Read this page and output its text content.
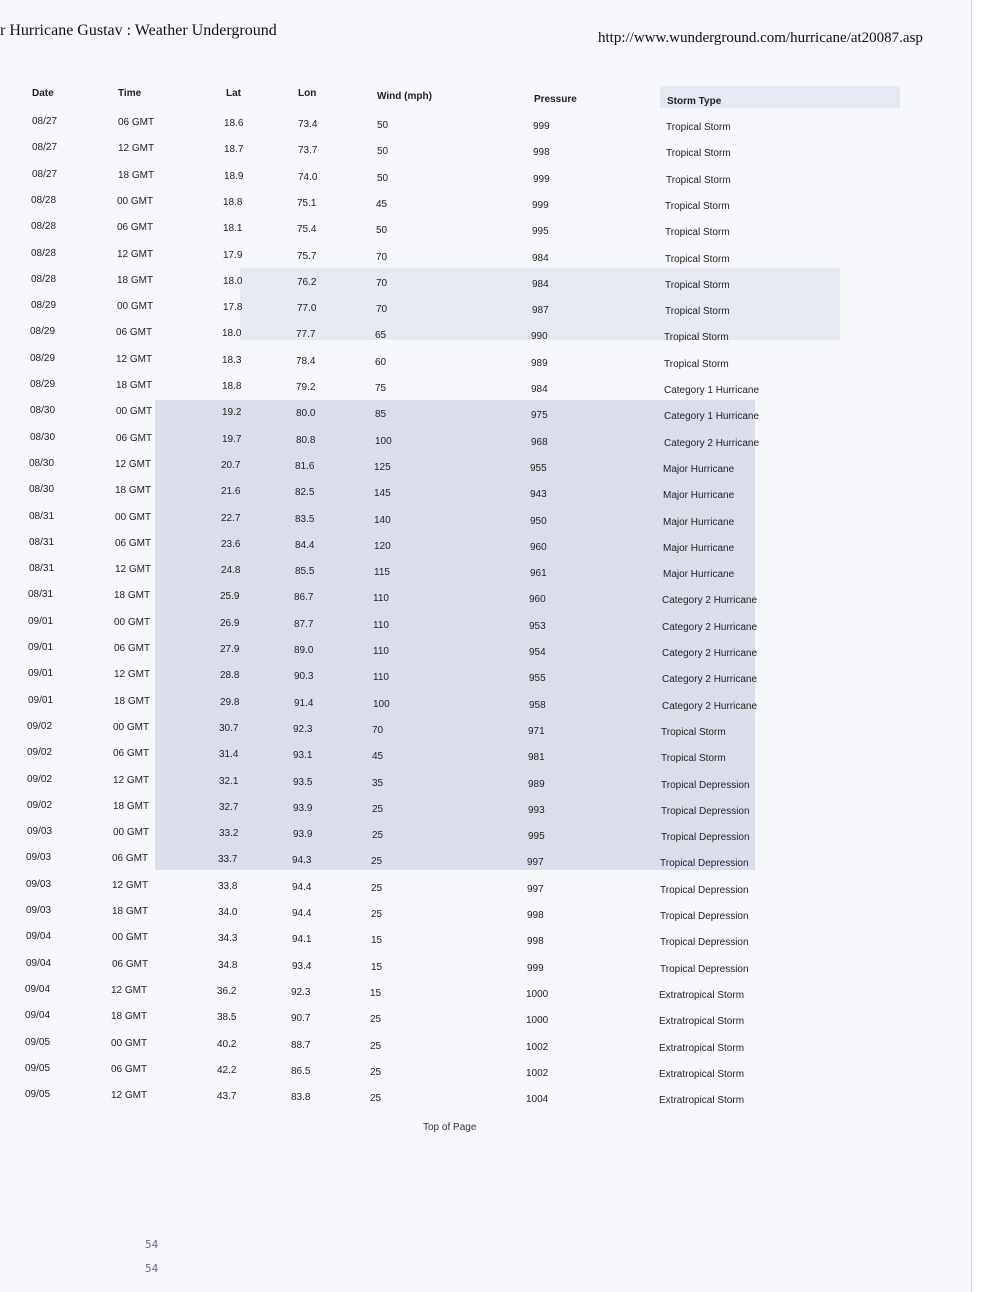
r Hurricane Gustav : Weather Underground	http://www.wunderground.com/hurricane/at20087.asp
Date	Time	Lat	Lon	Wind (mph)	Pressure	Storm Type
08/27	06 GMT	18.6	73.4	50	999	Tropical Storm
08/27	12 GMT	18.7	73.7	50	998	Tropical Storm
08/27	18 GMT	18.9	74.0	50	999	Tropical Storm
08/28	00 GMT	18.8	75.1	45	999	Tropical Storm
08/28	06 GMT	18.1	75.4	50	995	Tropical Storm
08/28	12 GMT	17.9	75.7	70	984	Tropical Storm
08/28	18 GMT	18.0	76.2	70	984	Tropical Storm
08/29	00 GMT	17.8	77.0	70	987	Tropical Storm
08/29	06 GMT	18.0	77.7	65	990	Tropical Storm
08/29	12 GMT	18.3	78.4	60	989	Tropical Storm
08/29	18 GMT	18.8	79.2	75	984	Category 1 Hurricane
08/30	00 GMT	19.2	80.0	85	975	Category 1 Hurricane
08/30	06 GMT	19.7	80.8	100	968	Category 2 Hurricane
08/30	12 GMT	20.7	81.6	125	955	Major Hurricane
08/30	18 GMT	21.6	82.5	145	943	Major Hurricane
08/31	00 GMT	22.7	83.5	140	950	Major Hurricane
08/31	06 GMT	23.6	84.4	120	960	Major Hurricane
08/31	12 GMT	24.8	85.5	115	961	Major Hurricane
08/31	18 GMT	25.9	86.7	110	960	Category 2 Hurricane
09/01	00 GMT	26.9	87.7	110	953	Category 2 Hurricane
09/01	06 GMT	27.9	89.0	110	954	Category 2 Hurricane
09/01	12 GMT	28.8	90.3	110	955	Category 2 Hurricane
09/01	18 GMT	29.8	91.4	100	958	Category 2 Hurricane
09/02	00 GMT	30.7	92.3	70	971	Tropical Storm
09/02	06 GMT	31.4	93.1	45	981	Tropical Storm
09/02	12 GMT	32.1	93.5	35	989	Tropical Depression
09/02	18 GMT	32.7	93.9	25	993	Tropical Depression
09/03	00 GMT	33.2	93.9	25	995	Tropical Depression
09/03	06 GMT	33.7	94.3	25	997	Tropical Depression
09/03	12 GMT	33.8	94.4	25	997	Tropical Depression
09/03	18 GMT	34.0	94.4	25	998	Tropical Depression
09/04	00 GMT	34.3	94.1	15	998	Tropical Depression
09/04	06 GMT	34.8	93.4	15	999	Tropical Depression
09/04	12 GMT	36.2	92.3	15	1000	Extratropical Storm
09/04	18 GMT	38.5	90.7	25	1000	Extratropical Storm
09/05	00 GMT	40.2	88.7	25	1002	Extratropical Storm
09/05	06 GMT	42.2	86.5	25	1002	Extratropical Storm
09/05	12 GMT	43.7	83.8	25	1004	Extratropical Storm
Top of Page
54
54
